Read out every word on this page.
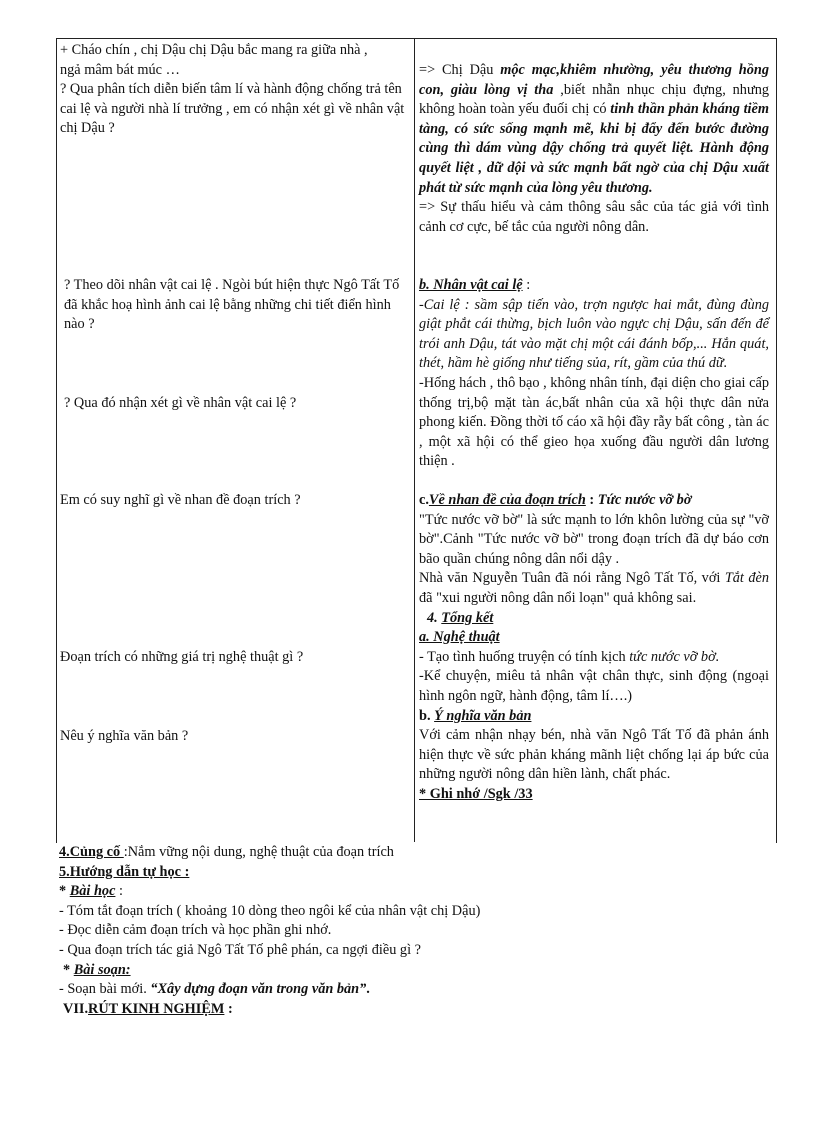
+ Cháo chín , chị Dậu chị Dậu bắc mang ra giữa nhà ,

ngả mâm bát múc …

? Qua phân tích diễn biến tâm lí và hành động chống trả tên cai lệ và người nhà lí trưởng , em có nhận xét gì về nhân vật chị Dậu ?

? Theo dõi nhân vật cai lệ . Ngòi bút hiện thực Ngô Tất Tố đã khắc hoạ hình ảnh cai lệ bằng những chi tiết điển hình nào ?

? Qua đó nhận xét gì về nhân vật cai lệ ?

Em có suy nghĩ gì về nhan đề đoạn trích ?

Đoạn trích có những giá trị nghệ thuật gì ?

Nêu ý nghĩa văn bản ?

=> Chị Dậu mộc mạc,khiêm nhường, yêu thương hồng con, giàu lòng vị tha ,biết nhẫn nhục chịu đựng, nhưng không hoàn toàn yếu đuối chị có tinh thần phản kháng tiềm tàng, có sức sống mạnh mẽ, khi bị đẩy đến bước đường cùng thì dám vùng dậy chống trả quyết liệt. Hành động quyết liệt , dữ dội và sức mạnh bất ngờ của chị Dậu xuất phát từ sức mạnh của lòng yêu thương.

=> Sự thấu hiểu và cảm thông sâu sắc của tác giả với tình cảnh cơ cực, bế tắc của người nông dân.

b. Nhân vật cai lệ :

-Cai lệ : sầm sập tiến vào, trợn ngược hai mắt, đùng đùng giật phắt cái thừng, bịch luôn vào ngực chị Dậu, sấn đến để trói anh Dậu, tát vào mặt chị một cái đánh bốp,... Hắn quát, thét, hầm hè giống như tiếng sủa, rít, gầm của thú dữ.

-Hống hách , thô bạo , không nhân tính, đại diện cho giai cấp thống trị,bộ mặt tàn ác,bất nhân của xã hội thực dân nửa phong kiến. Đồng thời tố cáo xã hội đầy rẫy bất công , tàn ác , một xã hội có thể gieo họa xuống đầu người dân lương thiện .

c.Về nhan đề của đoạn trích : Tức nước vỡ bờ

"Tức nước vỡ bờ" là sức mạnh to lớn khôn lường của sự "vỡ bờ".Cảnh "Tức nước vỡ bờ" trong đoạn trích đã dự báo cơn bão quần chúng nông dân nổi dậy .

Nhà văn Nguyễn Tuân đã nói rằng Ngô Tất Tố, với Tắt đèn đã "xui người nông dân nổi loạn" quả không sai.

4. Tổng kết

a. Nghệ thuật

- Tạo tình huống truyện có tính kịch tức nước vỡ bờ.

-Kể chuyện, miêu tả nhân vật chân thực, sinh động (ngoại hình ngôn ngữ, hành động, tâm lí….)

b. Ý nghĩa văn bản

Với cảm nhận nhạy bén, nhà văn Ngô Tất Tố đã phản ánh hiện thực về sức phản kháng mãnh liệt chống lại áp bức của những người nông dân hiền lành, chất phác.

* Ghi nhớ /Sgk /33

4.Củng cố :Nắm vững nội dung, nghệ thuật của đoạn trích

5.Hướng dẫn tự học :

* Bài học :

- Tóm tắt đoạn trích ( khoảng 10 dòng theo ngôi kể của nhân vật chị Dậu)

- Đọc diễn cảm đoạn trích và học phần ghi nhớ.

- Qua đoạn trích tác giả Ngô Tất Tố phê phán, ca ngợi điều gì ?

* Bài soạn:

- Soạn bài mới. “Xây dựng đoạn văn trong văn bản”.

VII.RÚT KINH NGHIỆM :
